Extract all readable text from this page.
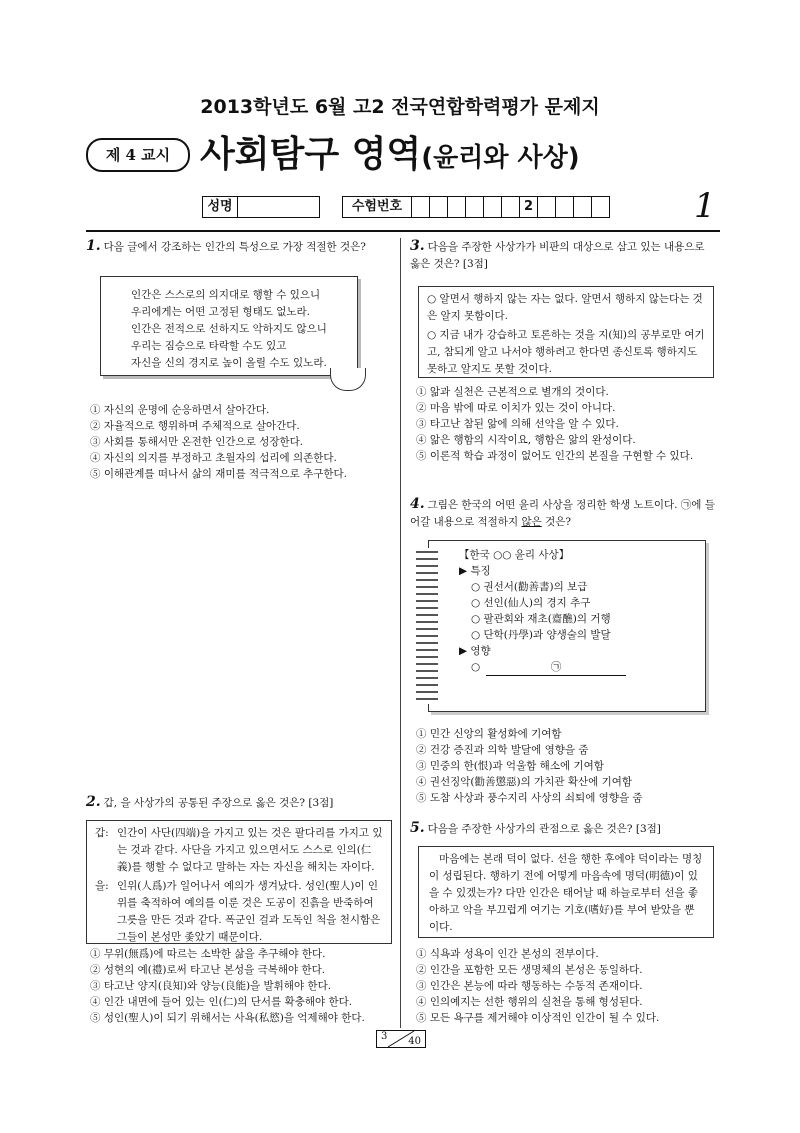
2013학년도 6월 고2 전국연합학력평가 문제지
제 4 교시 사회탐구 영역(윤리와 사상)
성명	수험번호	2	1
1. 다음 글에서 강조하는 인간의 특성으로 가장 적절한 것은?
인간은 스스로의 의지대로 행할 수 있으니
우리에게는 어떤 고정된 형태도 없노라.
인간은 전적으로 선하지도 악하지도 않으니
우리는 짐승으로 타락할 수도 있고
자신을 신의 경지로 높이 올릴 수도 있노라.
① 자신의 운명에 순응하면서 살아간다.
② 자율적으로 행위하며 주체적으로 살아간다.
③ 사회를 통해서만 온전한 인간으로 성장한다.
④ 자신의 의지를 부정하고 초월자의 섭리에 의존한다.
⑤ 이해관계를 떠나서 삶의 재미를 적극적으로 추구한다.
2. 갑, 을 사상가의 공통된 주장으로 옳은 것은? [3점]
갑: 인간이 사단(四端)을 가지고 있는 것은 팔다리를 가지고 있는 것과 같다. 사단을 가지고 있으면서도 스스로 인의(仁義)를 행할 수 없다고 말하는 자는 자신을 해치는 자이다.
을: 인위(人爲)가 일어나서 예의가 생겨났다. 성인(聖人)이 인위를 축적하여 예의를 이룬 것은 도공이 진흙을 반죽하여 그릇을 만든 것과 같다. 폭군인 걸과 도독인 척을 천시함은 그들이 본성만 좇았기 때문이다.
① 무위(無爲)에 따르는 소박한 삶을 추구해야 한다.
② 성현의 예(禮)로써 타고난 본성을 극복해야 한다.
③ 타고난 양지(良知)와 양능(良能)을 발휘해야 한다.
④ 인간 내면에 들어 있는 인(仁)의 단서를 확충해야 한다.
⑤ 성인(聖人)이 되기 위해서는 사욕(私慾)을 억제해야 한다.
3. 다음을 주장한 사상가가 비판의 대상으로 삼고 있는 내용으로 옳은 것은? [3점]
○ 알면서 행하지 않는 자는 없다. 알면서 행하지 않는다는 것은 알지 못함이다.
○ 지금 내가 강습하고 토론하는 것을 지(知)의 공부로만 여기고, 참되게 알고 나서야 행하려고 한다면 종신토록 행하지도 못하고 알지도 못할 것이다.
① 앎과 실천은 근본적으로 별개의 것이다.
② 마음 밖에 따로 이치가 있는 것이 아니다.
③ 타고난 참된 앎에 의해 선악을 알 수 있다.
④ 앎은 행함의 시작이요, 행함은 앎의 완성이다.
⑤ 이론적 학습 과정이 없어도 인간의 본질을 구현할 수 있다.
4. 그림은 한국의 어떤 윤리 사상을 정리한 학생 노트이다. ㉠에 들어갈 내용으로 적절하지 않은 것은?
【한국 ○○ 윤리 사상】
▶ 특징
○ 권선서(勸善書)의 보급
○ 선인(仙人)의 경지 추구
○ 팔관회와 재초(齋醮)의 거행
○ 단학(丹學)과 양생술의 발달
▶ 영향
○	㉠
① 민간 신앙의 활성화에 기여함
② 건강 증진과 의학 발달에 영향을 줌
③ 민중의 한(恨)과 억울함 해소에 기여함
④ 권선징악(勸善懲惡)의 가치관 확산에 기여함
⑤ 도참 사상과 풍수지리 사상의 쇠퇴에 영향을 줌
5. 다음을 주장한 사상가의 관점으로 옳은 것은? [3점]
마음에는 본래 덕이 없다. 선을 행한 후에야 덕이라는 명칭이 성립된다. 행하기 전에 어떻게 마음속에 명덕(明德)이 있을 수 있겠는가? 다만 인간은 태어날 때 하늘로부터 선을 좋아하고 악을 부끄럽게 여기는 기호(嗜好)를 부여 받았을 뿐이다.
① 식욕과 성욕이 인간 본성의 전부이다.
② 인간을 포함한 모든 생명체의 본성은 동일하다.
③ 인간은 본능에 따라 행동하는 수동적 존재이다.
④ 인의예지는 선한 행위의 실천을 통해 형성된다.
⑤ 모든 욕구를 제거해야 이상적인 인간이 될 수 있다.
3 40
